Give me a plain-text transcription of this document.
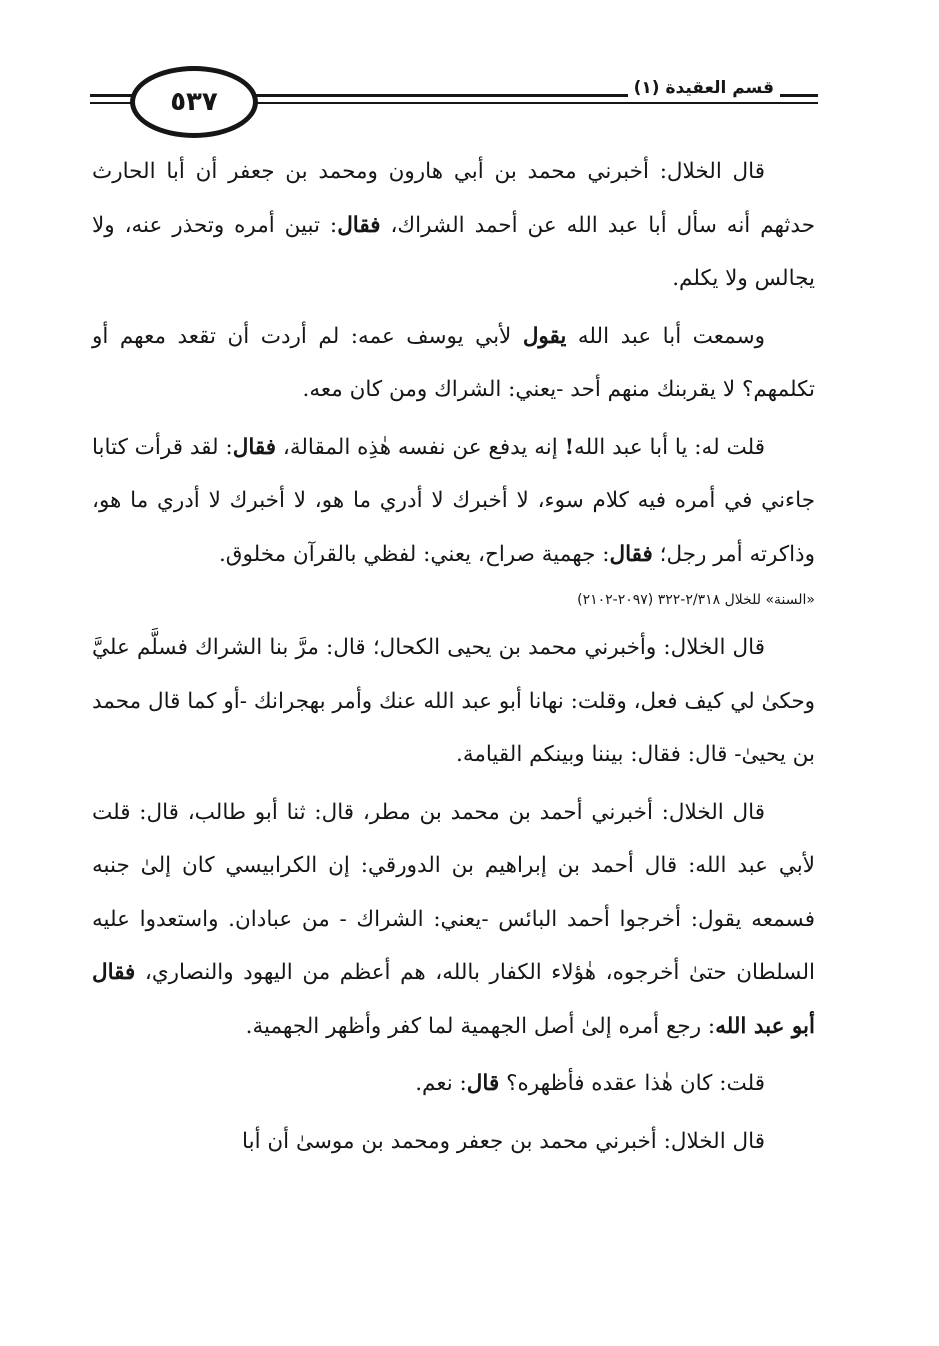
٥٣٧	قسم العقيدة (١)

قال الخلال: أخبرني محمد بن أبي هارون ومحمد بن جعفر أن أبا الحارث حدثهم أنه سأل أبا عبد الله عن أحمد الشراك، فقال: تبين أمره وتحذر عنه، ولا يجالس ولا يكلم.

وسمعت أبا عبد الله يقول لأبي يوسف عمه: لم أردت أن تقعد معهم أو تكلمهم؟ لا يقربنك منهم أحد -يعني: الشراك ومن كان معه.

قلت له: يا أبا عبد الله! إنه يدفع عن نفسه هٰذِه المقالة، فقال: لقد قرأت كتابا جاءني في أمره فيه كلام سوء، لا أخبرك لا أدري ما هو، لا أخبرك لا أدري ما هو، وذاكرته أمر رجل؛ فقال: جهمية صراح، يعني: لفظي بالقرآن مخلوق.

«السنة» للخلال ٢/٣١٨-٣٢٢ (٢٠٩٧-٢١٠٢)

قال الخلال: وأخبرني محمد بن يحيى الكحال؛ قال: مرَّ بنا الشراك فسلَّم عليَّ وحكىٰ لي كيف فعل، وقلت: نهانا أبو عبد الله عنك وأمر بهجرانك -أو كما قال محمد بن يحيىٰ- قال: فقال: بيننا وبينكم القيامة.

قال الخلال: أخبرني أحمد بن محمد بن مطر، قال: ثنا أبو طالب، قال: قلت لأبي عبد الله: قال أحمد بن إبراهيم بن الدورقي: إن الكرابيسي كان إلىٰ جنبه فسمعه يقول: أخرجوا أحمد البائس -يعني: الشراك - من عبادان. واستعدوا عليه السلطان حتىٰ أخرجوه، هٰؤلاء الكفار بالله، هم أعظم من اليهود والنصاري، فقال أبو عبد الله: رجع أمره إلىٰ أصل الجهمية لما كفر وأظهر الجهمية.

قلت: كان هٰذا عقده فأظهره؟ قال: نعم.

قال الخلال: أخبرني محمد بن جعفر ومحمد بن موسىٰ أن أبا
